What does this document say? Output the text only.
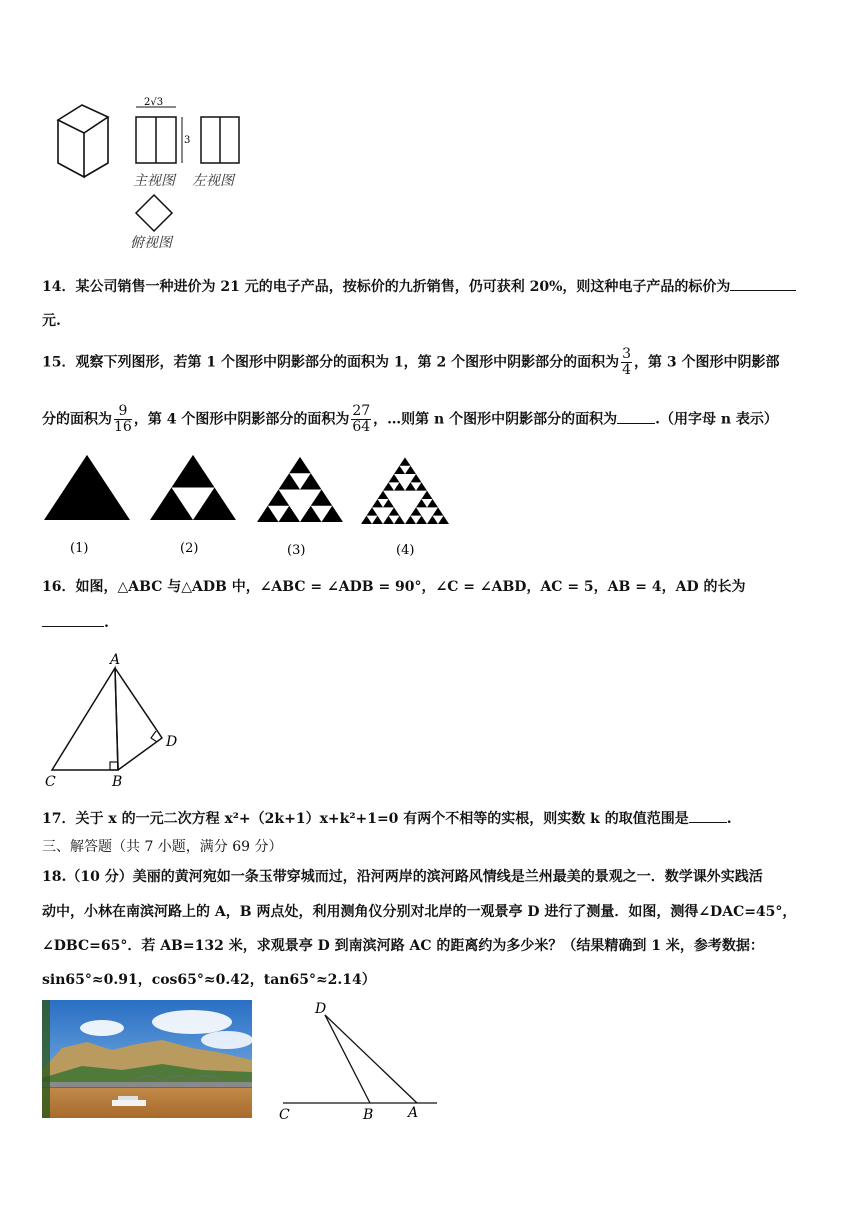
2√3
3
主视图 左视图
俯视图
14．某公司销售一种进价为 21 元的电子产品，按标价的九折销售，仍可获利 20%，则这种电子产品的标价为
元.
15．观察下列图形，若第 1 个图形中阴影部分的面积为 1，第 2 个图形中阴影部分的面积为 $\frac{3}{4}$ ，第 3 个图形中阴影部
分的面积为 $\frac{9}{16}$ ，第 4 个图形中阴影部分的面积为 $\frac{27}{64}$ ，…则第 n 个图形中阴影部分的面积为	.（用字母 n 表示）
(1)	(2)	(3)	(4)
16．如图，△ABC 与△ADB 中，∠ABC = ∠ADB = 90°，∠C = ∠ABD，AC = 5，AB = 4，AD 的长为
.
A
C	B
D
17．关于 x 的一元二次方程 x²+（2k+1）x+k²+1=0 有两个不相等的实根，则实数 k 的取值范围是	.
三、解答题（共 7 小题，满分 69 分）
18.（10 分）美丽的黄河宛如一条玉带穿城而过，沿河两岸的滨河路风情线是兰州最美的景观之一．数学课外实践活
动中，小林在南滨河路上的 A，B 两点处，利用测角仪分别对北岸的一观景亭 D 进行了测量．如图，测得∠DAC=45°，
∠DBC=65°．若 AB=132 米，求观景亭 D 到南滨河路 AC 的距离约为多少米？（结果精确到 1 米，参考数据：
sin65°≈0.91，cos65°≈0.42，tan65°≈2.14）
D
C	B A
